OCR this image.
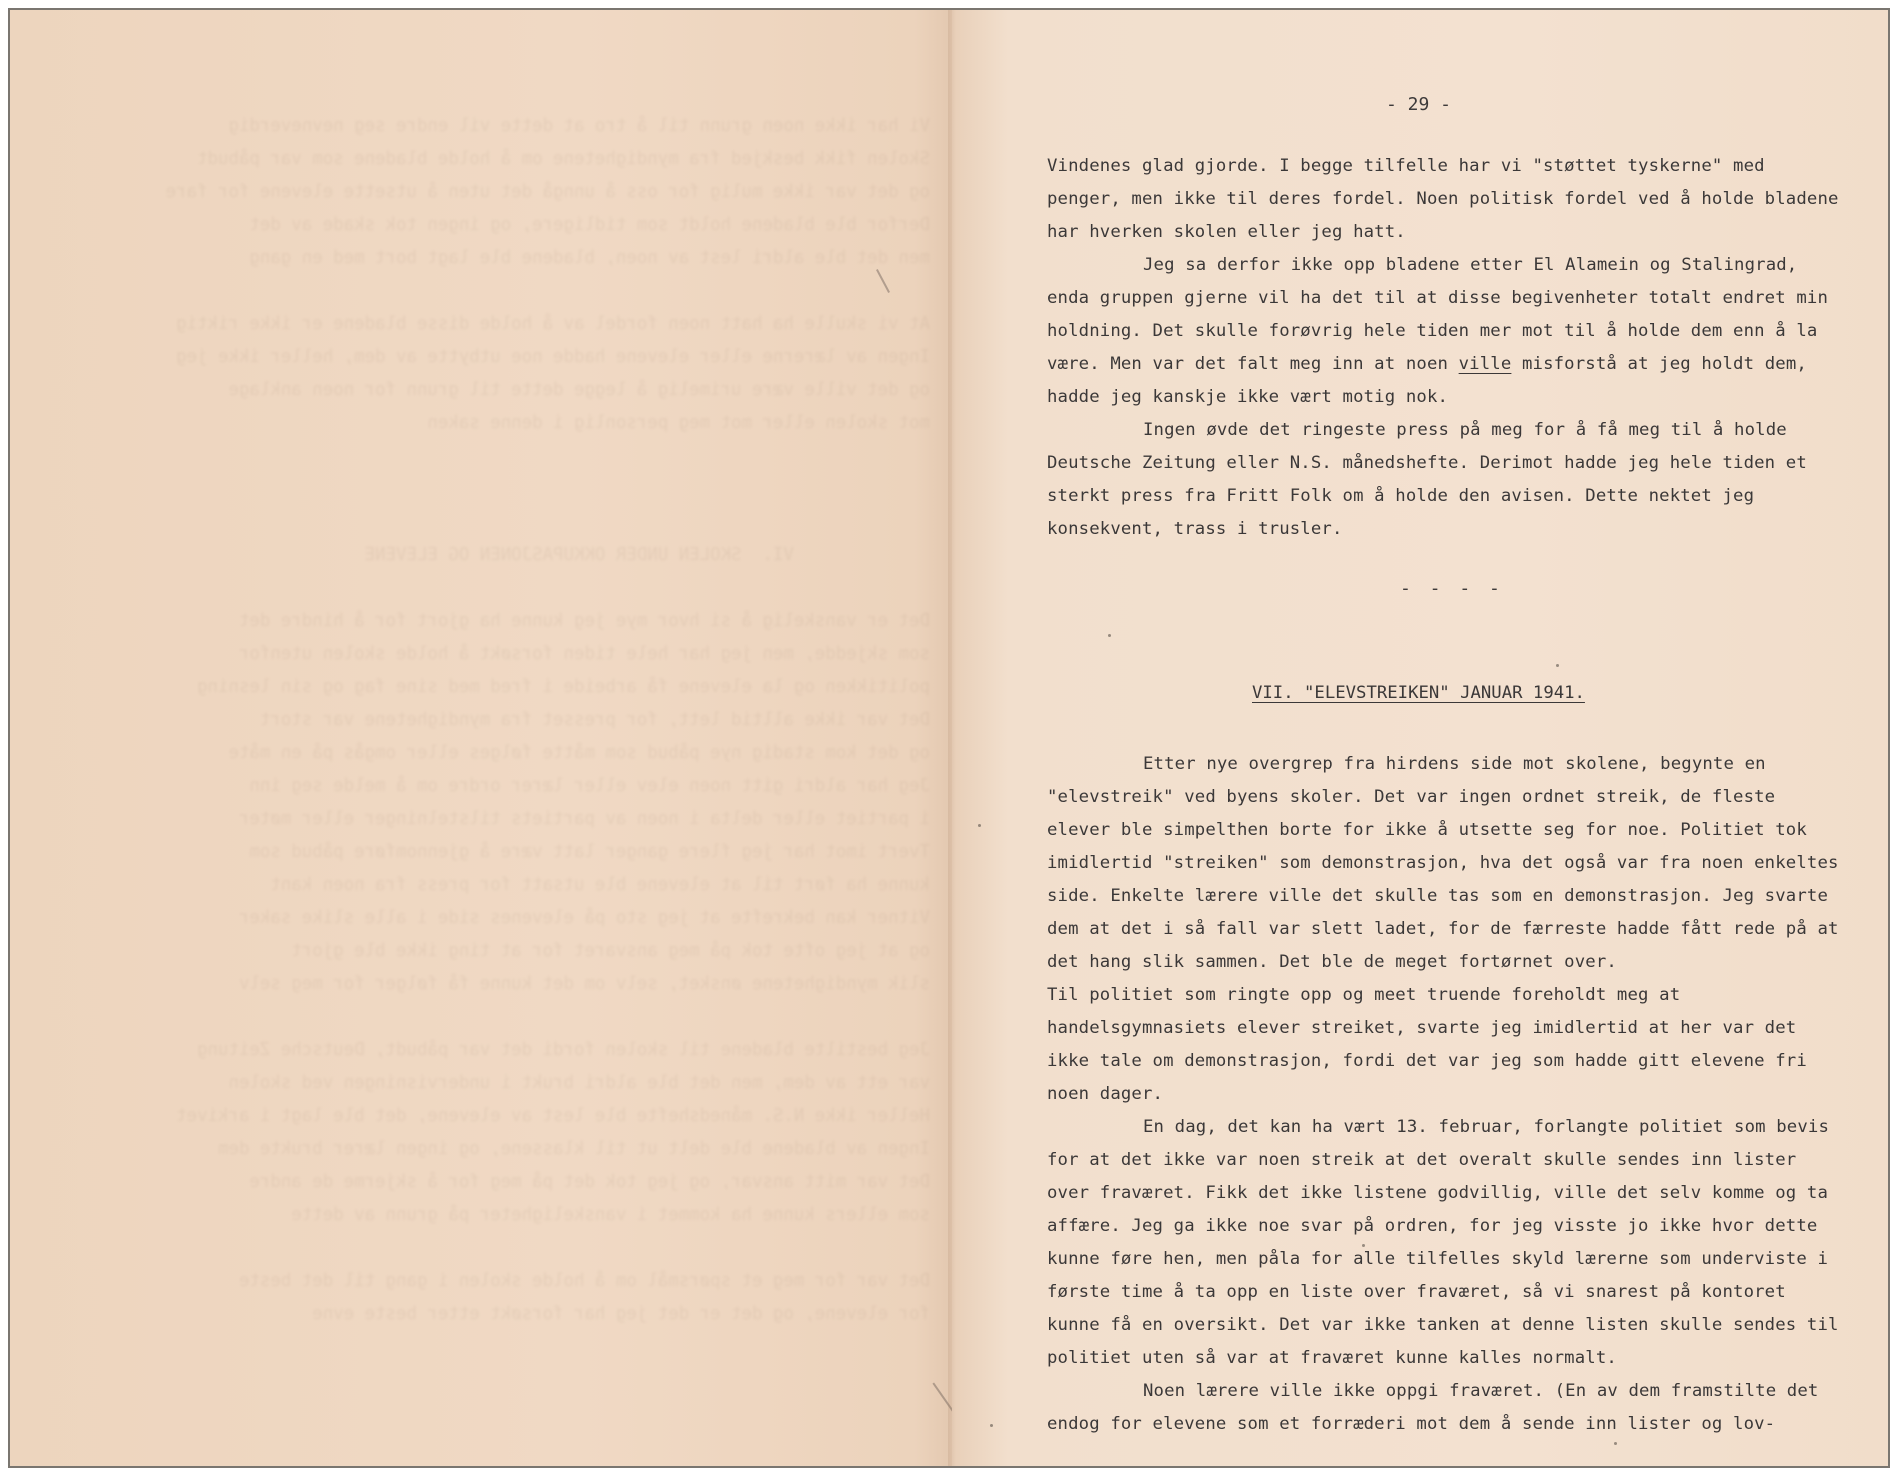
Vi har ikke noen grunn til å tro at dette vil endre seg nevneverdig
Skolen fikk beskjed fra myndighetene om å holde bladene som var påbudt
og det var ikke mulig for oss å unngå det uten å utsette elevene for fare
Derfor ble bladene holdt som tidligere, og ingen tok skade av det
men det ble aldri lest av noen, bladene ble lagt bort med en gang

At vi skulle ha hatt noen fordel av å holde disse bladene er ikke riktig
Ingen av lærerne eller elevene hadde noe utbytte av dem, heller ikke jeg
og det ville være urimelig å legge dette til grunn for noen anklage
mot skolen eller mot meg personlig i denne saken

VI.  SKOLEN UNDER OKKUPASJONEN OG ELEVENE

Det er vanskelig å si hvor mye jeg kunne ha gjort for å hindre det
som skjedde, men jeg har hele tiden forsøkt å holde skolen utenfor
politikken og la elevene få arbeide i fred med sine fag og sin lesning
Det var ikke alltid lett, for presset fra myndighetene var stort
og det kom stadig nye påbud som måtte følges eller omgås på en måte
Jeg har aldri gitt noen elev eller lærer ordre om å melde seg inn
i partiet eller delta i noen av partiets tilstelninger eller møter
Tvert imot har jeg flere ganger latt være å gjennomføre påbud som
kunne ha ført til at elevene ble utsatt for press fra noen kant
Vitner kan bekrefte at jeg sto på elevenes side i alle slike saker
og at jeg ofte tok på meg ansvaret for at ting ikke ble gjort
slik myndighetene ønsket, selv om det kunne få følger for meg selv

Jeg bestilte bladene til skolen fordi det var påbudt, Deutsche Zeitung
var ett av dem, men det ble aldri brukt i undervisningen ved skolen
Heller ikke N.S. månedshefte ble lest av elevene, det ble lagt i arkivet
Ingen av bladene ble delt ut til klassene, og ingen lærer brukte dem
Det var mitt ansvar, og jeg tok det på meg for å skjerme de andre
som ellers kunne ha kommet i vanskeligheter på grunn av dette

Det var for meg et spørsmål om å holde skolen i gang til det beste
for elevene, og det er det jeg har forsøkt etter beste evne
- 29 -

Vindenes glad gjorde. I begge tilfelle har vi "støttet tyskerne" med penger, men ikke til deres fordel. Noen politisk fordel ved å holde bladene har hverken skolen eller jeg hatt.

Jeg sa derfor ikke opp bladene etter El Alamein og Stalingrad, enda gruppen gjerne vil ha det til at disse begivenheter totalt endret min holdning. Det skulle forøvrig hele tiden mer mot til å holde dem enn å la være. Men var det falt meg inn at noen ville misforstå at jeg holdt dem, hadde jeg kanskje ikke vært motig nok.

Ingen øvde det ringeste press på meg for å få meg til å holde Deutsche Zeitung eller N.S. månedshefte. Derimot hadde jeg hele tiden et sterkt press fra Fritt Folk om å holde den avisen. Dette nektet jeg konsekvent, trass i trusler.

- - - -
VII. "ELEVSTREIKEN" JANUAR 1941.

Etter nye overgrep fra hirdens side mot skolene, begynte en "elevstreik" ved byens skoler. Det var ingen ordnet streik, de fleste elever ble simpelthen borte for ikke å utsette seg for noe. Politiet tok imidlertid "streiken" som demonstrasjon, hva det også var fra noen enkeltes side. Enkelte lærere ville det skulle tas som en demonstrasjon. Jeg svarte dem at det i så fall var slett ladet, for de færreste hadde fått rede på at det hang slik sammen. Det ble de meget fortørnet over.

Til politiet som ringte opp og meet truende foreholdt meg at handelsgymnasiets elever streiket, svarte jeg imidlertid at her var det ikke tale om demonstrasjon, fordi det var jeg som hadde gitt elevene fri noen dager.

En dag, det kan ha vært 13. februar, forlangte politiet som bevis for at det ikke var noen streik at det overalt skulle sendes inn lister over fraværet. Fikk det ikke listene godvillig, ville det selv komme og ta affære. Jeg ga ikke noe svar på ordren, for jeg visste jo ikke hvor dette kunne føre hen, men påla for alle tilfelles skyld lærerne som underviste i første time å ta opp en liste over fraværet, så vi snarest på kontoret kunne få en oversikt. Det var ikke tanken at denne listen skulle sendes til politiet uten så var at fraværet kunne kalles normalt.

Noen lærere ville ikke oppgi fraværet. (En av dem framstilte det endog for elevene som et forræderi mot dem å sende inn lister og lov-
